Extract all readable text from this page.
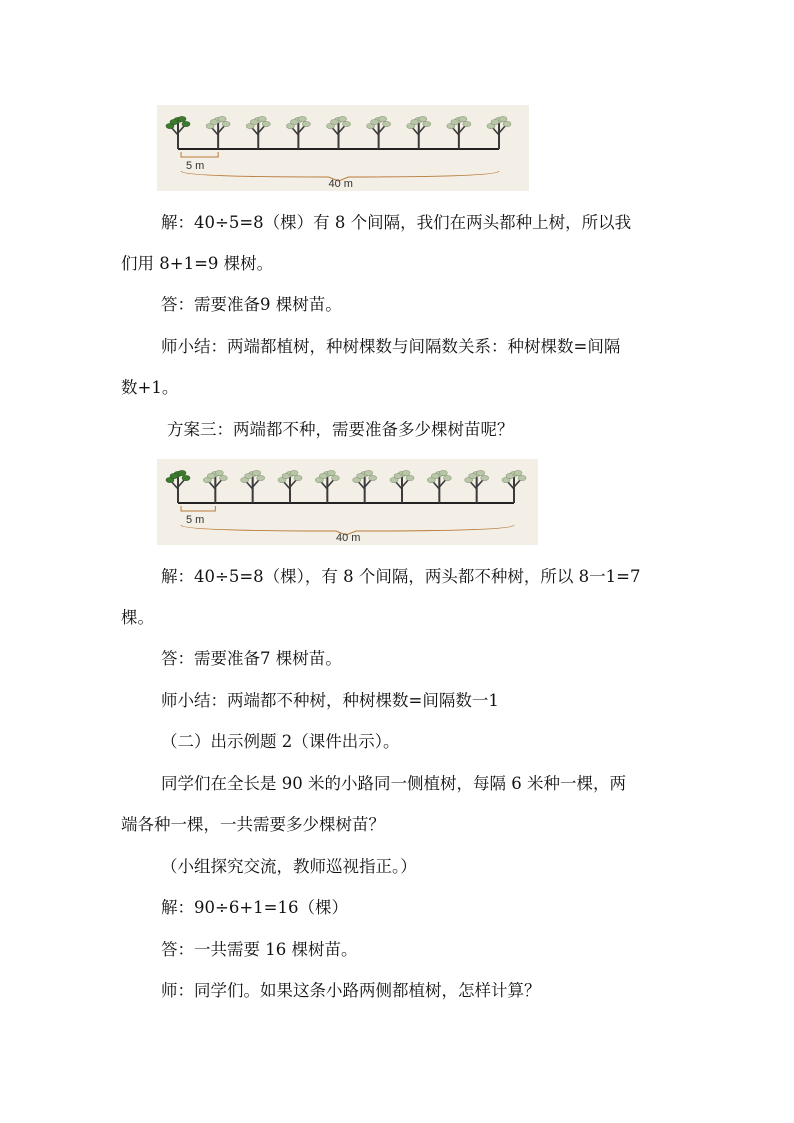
5 m
40 m
解：40÷5=8（棵）有 8 个间隔，我们在两头都种上树，所以我
们用 8+1=9 棵树。
答：需要准备9 棵树苗。
师小结：两端都植树，种树棵数与间隔数关系：种树棵数=间隔
数+1。
方案三：两端都不种，需要准备多少棵树苗呢？
5 m
40 m
解：40÷5=8（棵），有 8 个间隔，两头都不种树，所以 8一1=7
棵。
答：需要准备7 棵树苗。
师小结：两端都不种树，种树棵数=间隔数一1
（二）出示例题 2（课件出示）。
同学们在全长是 90 米的小路同一侧植树，每隔 6 米种一棵，两
端各种一棵，一共需要多少棵树苗？
（小组探究交流，教师巡视指正。）
解：90÷6+1=16（棵）
答：一共需要 16 棵树苗。
师：同学们。如果这条小路两侧都植树，怎样计算？
